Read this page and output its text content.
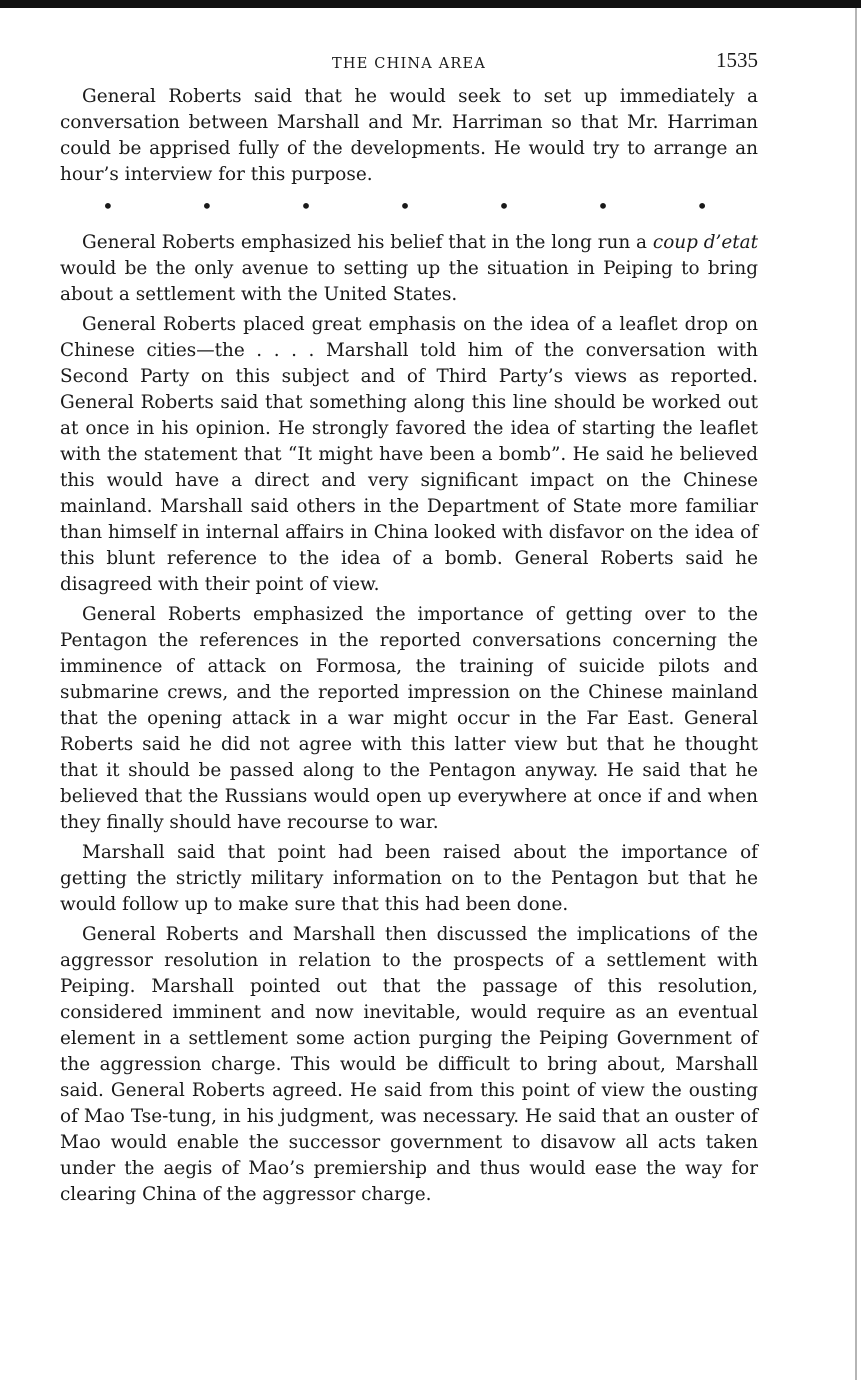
THE CHINA AREA	1535

General Roberts said that he would seek to set up immediately a conversation between Marshall and Mr. Harriman so that Mr. Harriman could be apprised fully of the developments. He would try to arrange an hour’s interview for this purpose.

•	•	•	•	•	•	•

General Roberts emphasized his belief that in the long run a coup d’etat would be the only avenue to setting up the situation in Peiping to bring about a settlement with the United States.

General Roberts placed great emphasis on the idea of a leaflet drop on Chinese cities—the . . . . Marshall told him of the conversation with Second Party on this subject and of Third Party’s views as reported. General Roberts said that something along this line should be worked out at once in his opinion. He strongly favored the idea of starting the leaflet with the statement that “It might have been a bomb”. He said he believed this would have a direct and very significant impact on the Chinese mainland. Marshall said others in the Department of State more familiar than himself in internal affairs in China looked with disfavor on the idea of this blunt reference to the idea of a bomb. General Roberts said he disagreed with their point of view.

General Roberts emphasized the importance of getting over to the Pentagon the references in the reported conversations concerning the imminence of attack on Formosa, the training of suicide pilots and submarine crews, and the reported impression on the Chinese mainland that the opening attack in a war might occur in the Far East. General Roberts said he did not agree with this latter view but that he thought that it should be passed along to the Pentagon anyway. He said that he believed that the Russians would open up everywhere at once if and when they finally should have recourse to war.

Marshall said that point had been raised about the importance of getting the strictly military information on to the Pentagon but that he would follow up to make sure that this had been done.

General Roberts and Marshall then discussed the implications of the aggressor resolution in relation to the prospects of a settlement with Peiping. Marshall pointed out that the passage of this resolution, considered imminent and now inevitable, would require as an eventual element in a settlement some action purging the Peiping Government of the aggression charge. This would be difficult to bring about, Marshall said. General Roberts agreed. He said from this point of view the ousting of Mao Tse-tung, in his judgment, was necessary. He said that an ouster of Mao would enable the successor government to disavow all acts taken under the aegis of Mao’s premiership and thus would ease the way for clearing China of the aggressor charge.
